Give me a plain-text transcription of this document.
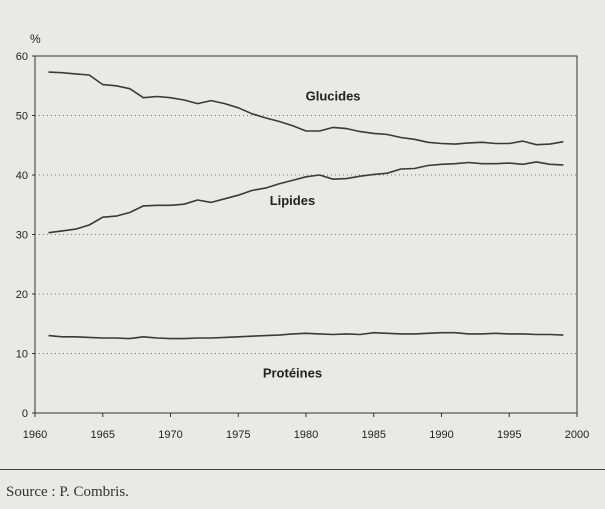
0
10
20
30
40
50
60
1960	1965	1970	1975	1980	1985	1990	1995	2000
Glucides
Lipides
Protéines
%
Source : P. Combris.
